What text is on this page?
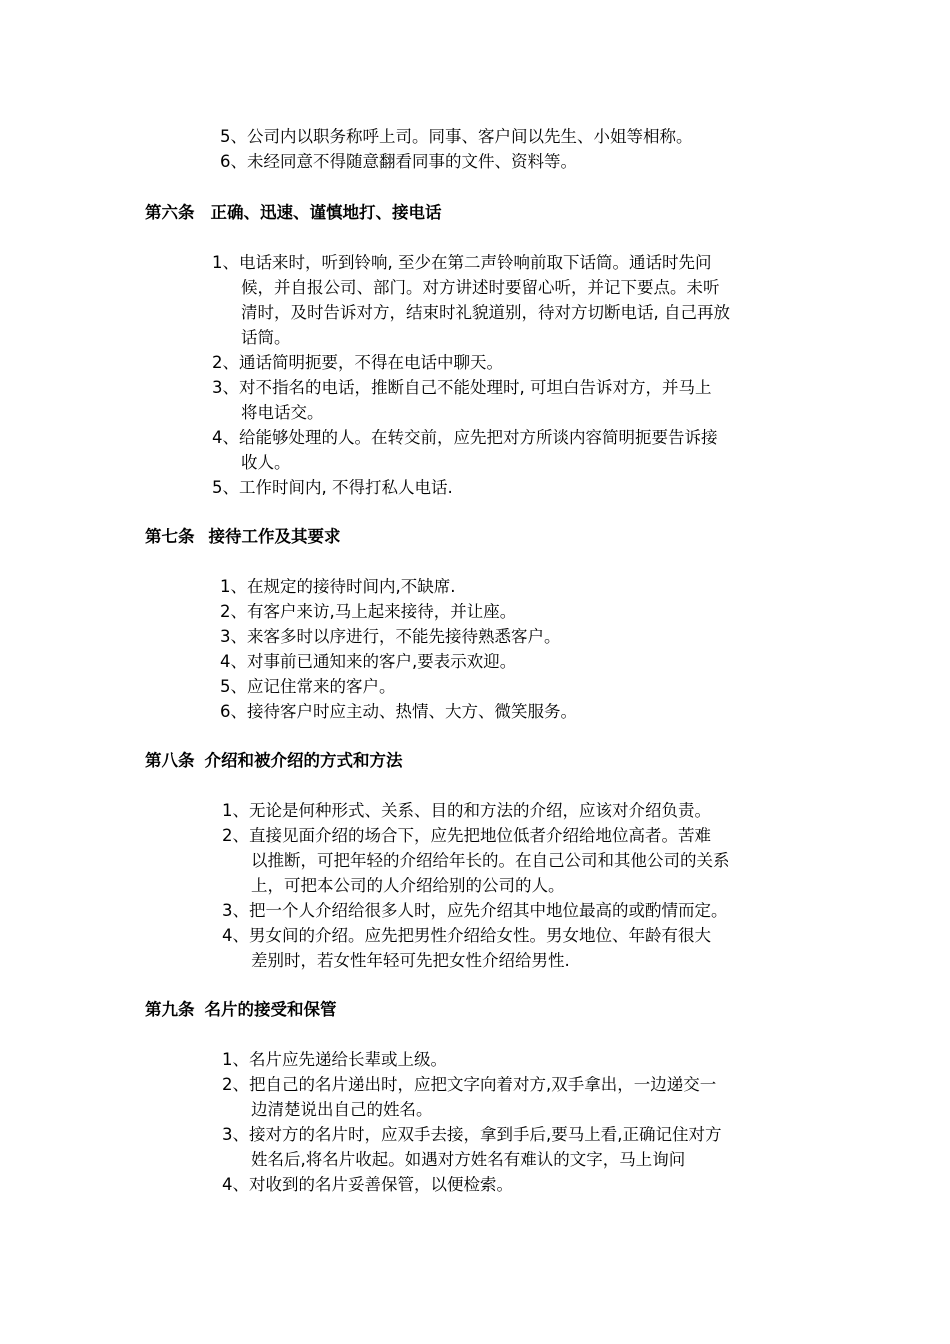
5、公司内以职务称呼上司。同事、客户间以先生、小姐等相称。
6、未经同意不得随意翻看同事的文件、资料等。
第六条 正确、迅速、谨慎地打、接电话
1、电话来时，听到铃响, 至少在第二声铃响前取下话筒。通话时先问
候，并自报公司、部门。对方讲述时要留心听，并记下要点。未听
清时，及时告诉对方，结束时礼貌道别，待对方切断电话, 自己再放
话筒。
2、通话简明扼要，不得在电话中聊天。
3、对不指名的电话，推断自己不能处理时, 可坦白告诉对方，并马上
将电话交。
4、给能够处理的人。在转交前，应先把对方所谈内容简明扼要告诉接
收人。
5、工作时间内, 不得打私人电话.
第七条 接待工作及其要求
1、在规定的接待时间内,不缺席.
2、有客户来访,马上起来接待，并让座。
3、来客多时以序进行，不能先接待熟悉客户。
4、对事前已通知来的客户,要表示欢迎。
5、应记住常来的客户。
6、接待客户时应主动、热情、大方、微笑服务。
第八条 介绍和被介绍的方式和方法
1、无论是何种形式、关系、目的和方法的介绍，应该对介绍负责。
2、直接见面介绍的场合下，应先把地位低者介绍给地位高者。苦难
以推断，可把年轻的介绍给年长的。在自己公司和其他公司的关系
上，可把本公司的人介绍给别的公司的人。
3、把一个人介绍给很多人时，应先介绍其中地位最高的或酌情而定。
4、男女间的介绍。应先把男性介绍给女性。男女地位、年龄有很大
差别时，若女性年轻可先把女性介绍给男性.
第九条 名片的接受和保管
1、名片应先递给长辈或上级。
2、把自己的名片递出时，应把文字向着对方,双手拿出，一边递交一
边清楚说出自己的姓名。
3、接对方的名片时，应双手去接，拿到手后,要马上看,正确记住对方
姓名后,将名片收起。如遇对方姓名有难认的文字，马上询问
4、对收到的名片妥善保管，以便检索。
